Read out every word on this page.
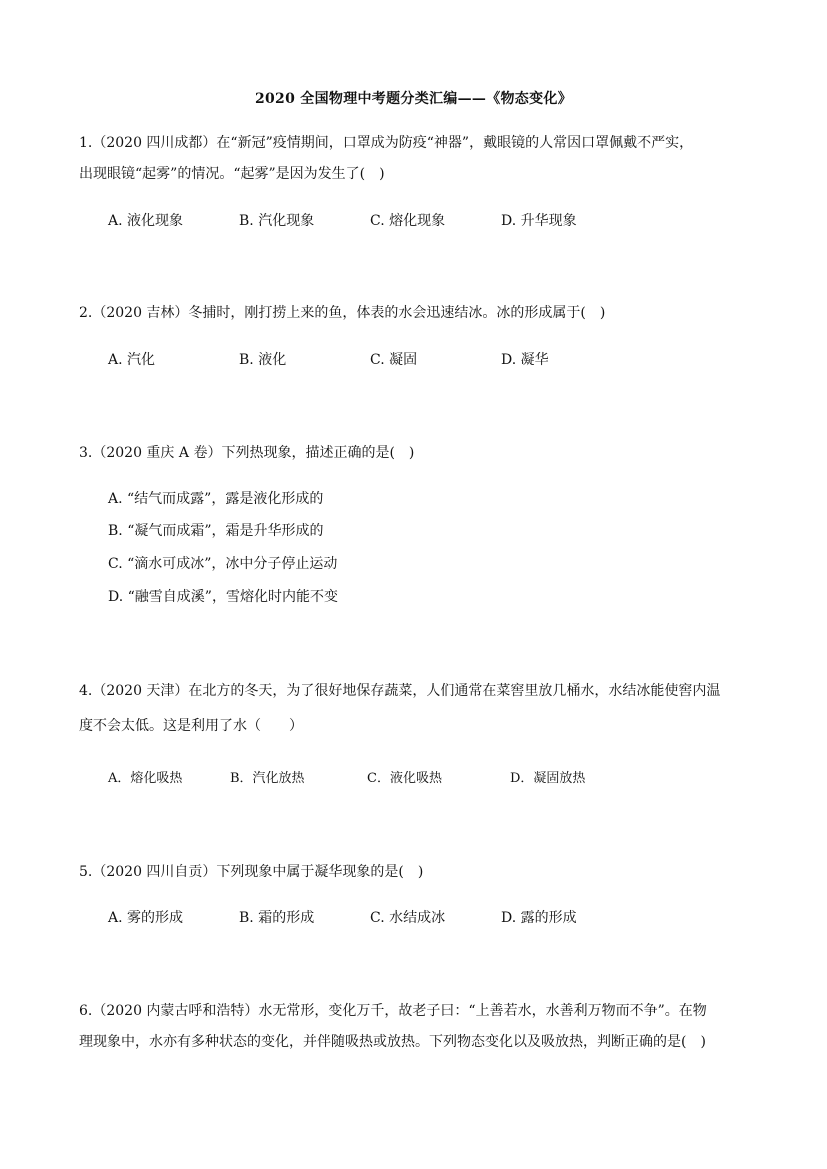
2020 全国物理中考题分类汇编——《物态变化》
1.（2020 四川成都）在“新冠”疫情期间，口罩成为防疫“神器”，戴眼镜的人常因口罩佩戴不严实，
出现眼镜“起雾”的情况。“起雾”是因为发生了(　)
A. 液化现象	B. 汽化现象	C. 熔化现象	D. 升华现象
2.（2020 吉林）冬捕时，刚打捞上来的鱼，体表的水会迅速结冰。冰的形成属于(　)
A. 汽化	B. 液化	C. 凝固	D. 凝华
3.（2020 重庆 A 卷）下列热现象，描述正确的是(　)
A. “结气而成露”，露是液化形成的
B. “凝气而成霜”，霜是升华形成的
C. “滴水可成冰”，冰中分子停止运动
D. “融雪自成溪”，雪熔化时内能不变
4.（2020 天津）在北方的冬天，为了很好地保存蔬菜，人们通常在菜窖里放几桶水，水结冰能使窖内温
度不会太低。这是利用了水（　　）
A．熔化吸热	B．汽化放热	C．液化吸热	D．凝固放热
5.（2020 四川自贡）下列现象中属于凝华现象的是(　)
A. 雾的形成	B. 霜的形成	C. 水结成冰	D. 露的形成
6.（2020 内蒙古呼和浩特）水无常形，变化万千，故老子曰：“上善若水，水善利万物而不争”。在物
理现象中，水亦有多种状态的变化，并伴随吸热或放热。下列物态变化以及吸放热，判断正确的是(　)
